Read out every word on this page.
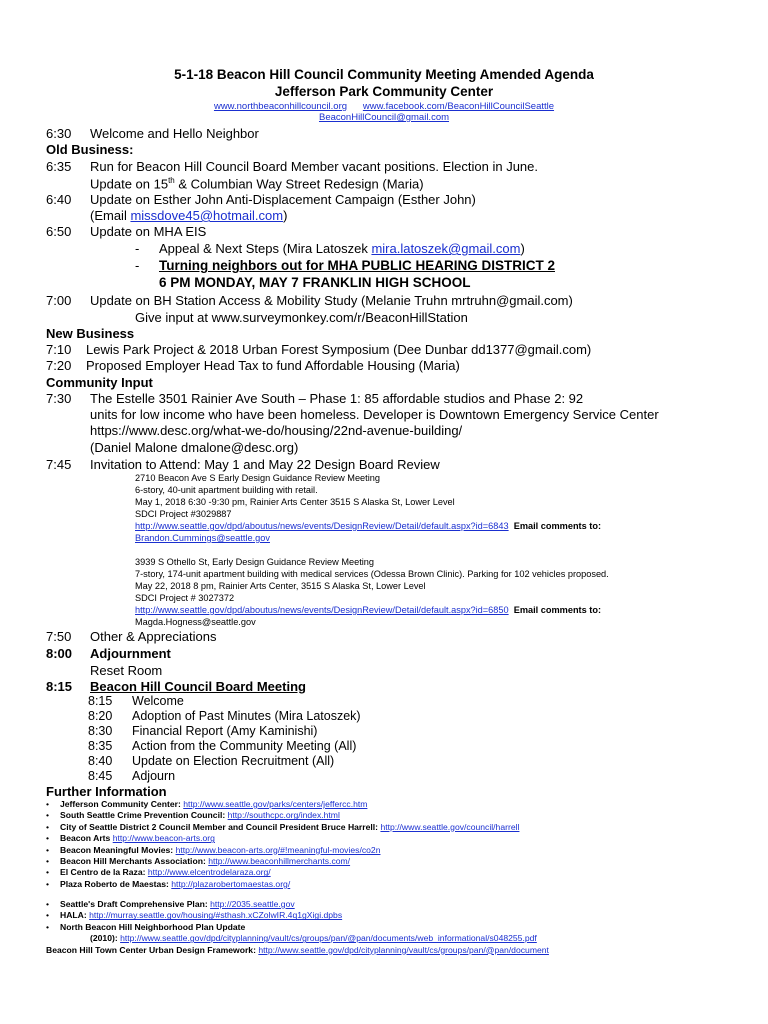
5-1-18 Beacon Hill Council Community Meeting Amended Agenda
Jefferson Park Community Center
www.northbeaconhillcouncil.org www.facebook.com/BeaconHillCouncilSeattle
BeaconHillCouncil@gmail.com
6:30 Welcome and Hello Neighbor
Old Business:
6:35 Run for Beacon Hill Council Board Member vacant positions. Election in June.
Update on 15th & Columbian Way Street Redesign (Maria)
6:40 Update on Esther John Anti-Displacement Campaign (Esther John)
(Email missdove45@hotmail.com)
6:50 Update on MHA EIS
- Appeal & Next Steps (Mira Latoszek mira.latoszek@gmail.com)
- Turning neighbors out for MHA PUBLIC HEARING DISTRICT 2
6 PM MONDAY, MAY 7 FRANKLIN HIGH SCHOOL
7:00 Update on BH Station Access & Mobility Study (Melanie Truhn mrtruhn@gmail.com)
Give input at www.surveymonkey.com/r/BeaconHillStation
New Business
7:10 Lewis Park Project & 2018 Urban Forest Symposium (Dee Dunbar dd1377@gmail.com)
7:20 Proposed Employer Head Tax to fund Affordable Housing (Maria)
Community Input
7:30 The Estelle 3501 Rainier Ave South – Phase 1: 85 affordable studios and Phase 2: 92
units for low income who have been homeless. Developer is Downtown Emergency Service Center
https://www.desc.org/what-we-do/housing/22nd-avenue-building/
(Daniel Malone dmalone@desc.org)
7:45 Invitation to Attend: May 1 and May 22 Design Board Review
2710 Beacon Ave S Early Design Guidance Review Meeting
6-story, 40-unit apartment building with retail.
May 1, 2018 6:30 -9:30 pm, Rainier Arts Center 3515 S Alaska St, Lower Level
SDCI Project #3029887
http://www.seattle.gov/dpd/aboutus/news/events/DesignReview/Detail/default.aspx?id=6843  Email comments to:
Brandon.Cummings@seattle.gov
3939 S Othello St, Early Design Guidance Review Meeting
7-story, 174-unit apartment building with medical services (Odessa Brown Clinic). Parking for 102 vehicles proposed.
May 22, 2018 8 pm, Rainier Arts Center, 3515 S Alaska St, Lower Level
SDCI Project # 3027372
http://www.seattle.gov/dpd/aboutus/news/events/DesignReview/Detail/default.aspx?id=6850  Email comments to:
Magda.Hogness@seattle.gov
7:50 Other & Appreciations
8:00 Adjournment
Reset Room
8:15 Beacon Hill Council Board Meeting
8:15 Welcome
8:20 Adoption of Past Minutes (Mira Latoszek)
8:30 Financial Report (Amy Kaminishi)
8:35 Action from the Community Meeting (All)
8:40 Update on Election Recruitment (All)
8:45 Adjourn
Further Information
• Jefferson Community Center: http://www.seattle.gov/parks/centers/jeffercc.htm
• South Seattle Crime Prevention Council: http://southcpc.org/index.html
• City of Seattle District 2 Council Member and Council President Bruce Harrell: http://www.seattle.gov/council/harrell
• Beacon Arts http://www.beacon-arts.org
• Beacon Meaningful Movies: http://www.beacon-arts.org/#!meaningful-movies/co2n
• Beacon Hill Merchants Association: http://www.beaconhillmerchants.com/
• El Centro de la Raza: http://www.elcentrodelaraza.org/
• Plaza Roberto de Maestas: http://plazarobertomaestas.org/
• Seattle's Draft Comprehensive Plan: http://2035.seattle.gov
• HALA: http://murray.seattle.gov/housing/#sthash.xCZolwIR.4q1gXigi.dpbs
• North Beacon Hill Neighborhood Plan Update
(2010): http://www.seattle.gov/dpd/cityplanning/vault/cs/groups/pan/@pan/documents/web_informational/s048255.pdf
Beacon Hill Town Center Urban Design Framework: http://www.seattle.gov/dpd/cityplanning/vault/cs/groups/pan/@pan/document
